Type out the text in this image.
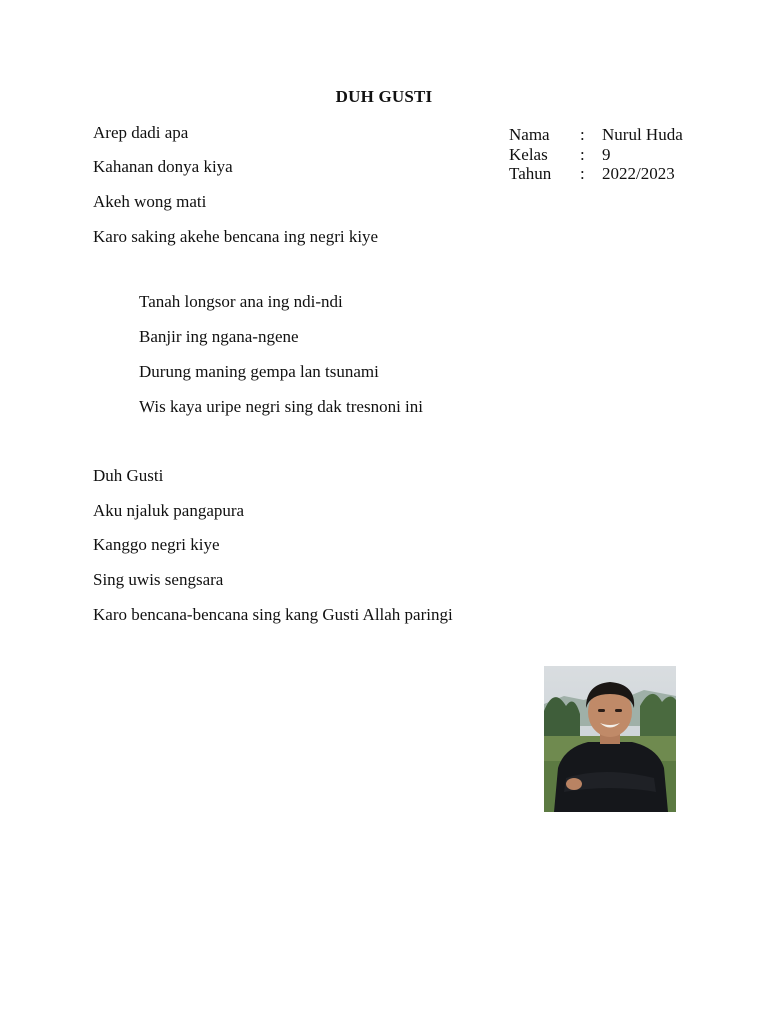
DUH GUSTI
Arep dadi apa
Kahanan donya kiya
Akeh wong mati
Karo saking akehe bencana ing negri kiye
Tanah longsor ana ing ndi-ndi
Banjir ing ngana-ngene
Durung maning gempa lan tsunami
Wis kaya uripe negri sing dak tresnoni ini
Duh Gusti
Aku njaluk pangapura
Kanggo negri kiye
Sing uwis sengsara
Karo bencana-bencana sing kang Gusti Allah paringi
Nama	:	Nurul Huda
Kelas	:	9
Tahun	:	2022/2023
